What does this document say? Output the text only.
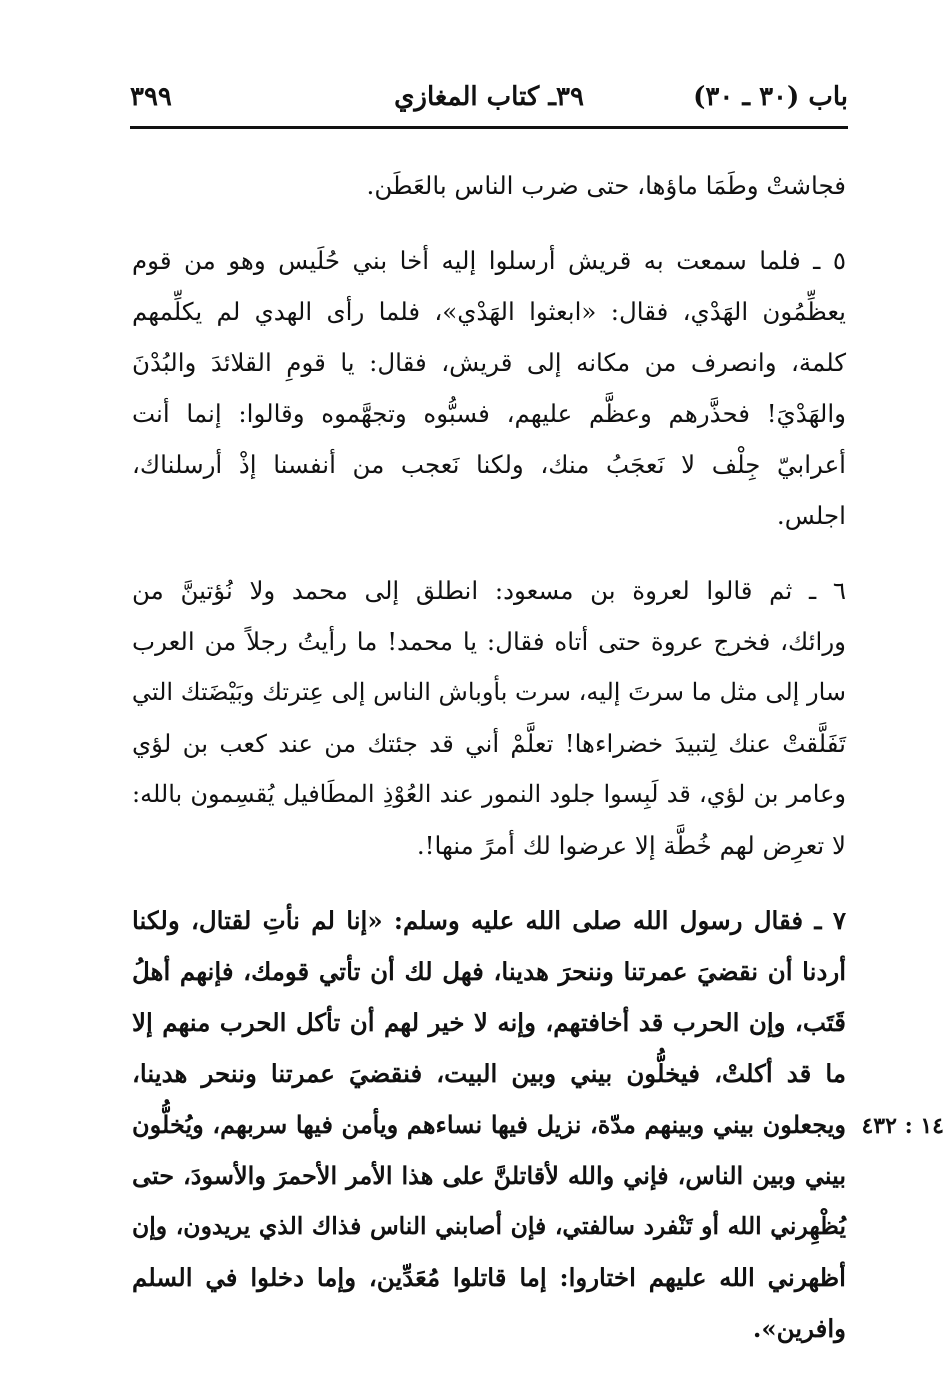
باب (٣٠ ـ ٣٠)
٣٩ـ كتاب المغازي
٣٩٩
فجاشتْ وطَمَا ماؤها، حتى ضرب الناس بالعَطَن.
٥ ـ فلما سمعت به قريش أرسلوا إليه أخا بني حُلَيس وهو من قوم
يعظِّمُون الهَدْي، فقال: «ابعثوا الهَدْي»، فلما رأى الهدي لم يكلِّمهم
كلمة، وانصرف من مكانه إلى قريش، فقال: يا قومِ القلائدَ والبُدْنَ
والهَدْيَ! فحذَّرهم وعظَّم عليهم، فسبُّوه وتجهَّموه وقالوا: إنما أنت
أعرابيّ جِلْف لا نَعجَبُ منك، ولكنا نَعجب من أنفسنا إذْ أرسلناك،
اجلس.
٦ ـ ثم قالوا لعروة بن مسعود: انطلق إلى محمد ولا نُؤتينَّ من
ورائك، فخرج عروة حتى أتاه فقال: يا محمد! ما رأيتُ رجلاً من العرب
سار إلى مثل ما سرتَ إليه، سرت بأوباش الناس إلى عِترتك وبَيْضَتك التي
تَفَلَّقتْ عنك لِتبيدَ خضراءها! تعلَّمْ أني قد جئتك من عند كعب بن لؤي
وعامر بن لؤي، قد لَبِسوا جلود النمور عند العُوْذِ المطَافيل يُقسِمون بالله:
لا تعرِض لهم خُطَّة إلا عرضوا لك أمرً منها!.
٧ ـ فقال رسول الله صلى الله عليه وسلم: «إنا لم نأتِ لقتال، ولكنا
أردنا أن نقضيَ عمرتنا وننحرَ هدينا، فهل لك أن تأتي قومك، فإنهم أهلُ
قَتَب، وإن الحرب قد أخافتهم، وإنه لا خير لهم أن تأكل الحرب منهم إلا
ما قد أكلتْ، فيخلُّون بيني وبين البيت، فنقضيَ عمرتنا وننحر هدينا،
ويجعلون بيني وبينهم مدّة، نزيل فيها نساءهم ويأمن فيها سربهم، ويُخلُّون
بيني وبين الناس، فإني والله لأقاتلنَّ على هذا الأمر الأحمرَ والأسودَ، حتى
يُظْهِرني الله أو تَنْفرد سالفتي، فإن أصابني الناس فذاك الذي يريدون، وإن
أظهرني الله عليهم اختاروا: إما قاتلوا مُعَدِّين، وإما دخلوا في السلم
وافرين».
١٤ : ٤٣٢
